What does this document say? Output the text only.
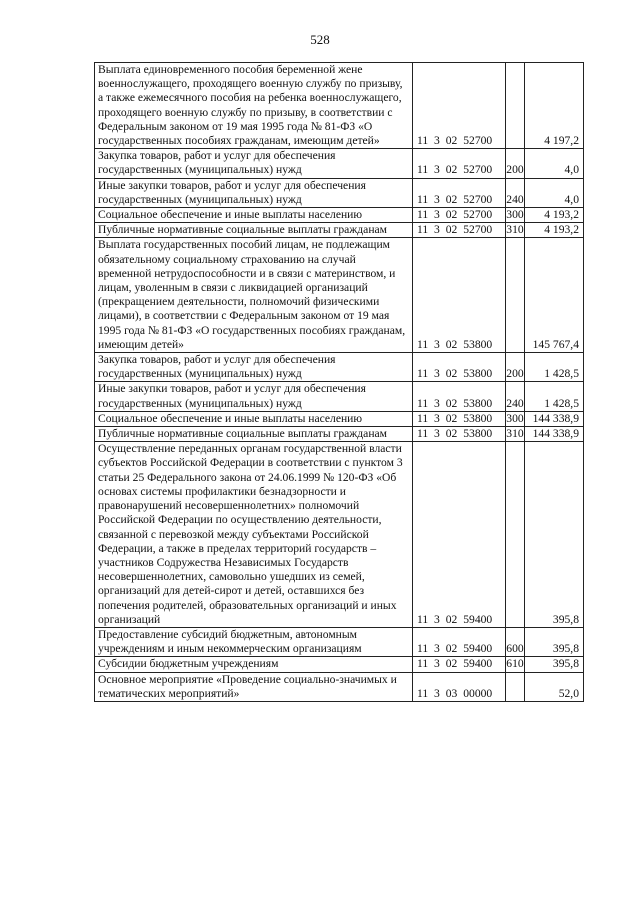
528
Выплата единовременного пособия беременной жене военнослужащего, проходящего военную службу по призыву, а также ежемесячного пособия на ребенка военнослужащего, проходящего военную службу по призыву, в соответствии с Федеральным законом от 19 мая 1995 года № 81-ФЗ «О государственных пособиях гражданам, имеющим детей»	11 3 02 52700		4 197,2
Закупка товаров, работ и услуг для обеспечения государственных (муниципальных) нужд	11 3 02 52700	200	4,0
Иные закупки товаров, работ и услуг для обеспечения государственных (муниципальных) нужд	11 3 02 52700	240	4,0
Социальное обеспечение и иные выплаты населению	11 3 02 52700	300	4 193,2
Публичные нормативные социальные выплаты гражданам	11 3 02 52700	310	4 193,2
Выплата государственных пособий лицам, не подлежащим обязательному социальному страхованию на случай временной нетрудоспособности и в связи с материнством, и лицам, уволенным в связи с ликвидацией организаций (прекращением деятельности, полномочий физическими лицами), в соответствии с Федеральным законом от 19 мая 1995 года № 81-ФЗ «О государственных пособиях гражданам, имеющим детей»	11 3 02 53800		145 767,4
Закупка товаров, работ и услуг для обеспечения государственных (муниципальных) нужд	11 3 02 53800	200	1 428,5
Иные закупки товаров, работ и услуг для обеспечения государственных (муниципальных) нужд	11 3 02 53800	240	1 428,5
Социальное обеспечение и иные выплаты населению	11 3 02 53800	300	144 338,9
Публичные нормативные социальные выплаты гражданам	11 3 02 53800	310	144 338,9
Осуществление переданных органам государственной власти субъектов Российской Федерации в соответствии с пунктом 3 статьи 25 Федерального закона от 24.06.1999 № 120-ФЗ «Об основах системы профилактики безнадзорности и правонарушений несовершеннолетних» полномочий Российской Федерации по осуществлению деятельности, связанной с перевозкой между субъектами Российской Федерации, а также в пределах территорий государств – участников Содружества Независимых Государств несовершеннолетних, самовольно ушедших из семей, организаций для детей-сирот и детей, оставшихся без попечения родителей, образовательных организаций и иных организаций	11 3 02 59400		395,8
Предоставление субсидий бюджетным, автономным учреждениям и иным некоммерческим организациям	11 3 02 59400	600	395,8
Субсидии бюджетным учреждениям	11 3 02 59400	610	395,8
Основное мероприятие «Проведение социально-значимых и тематических мероприятий»	11 3 03 00000		52,0
